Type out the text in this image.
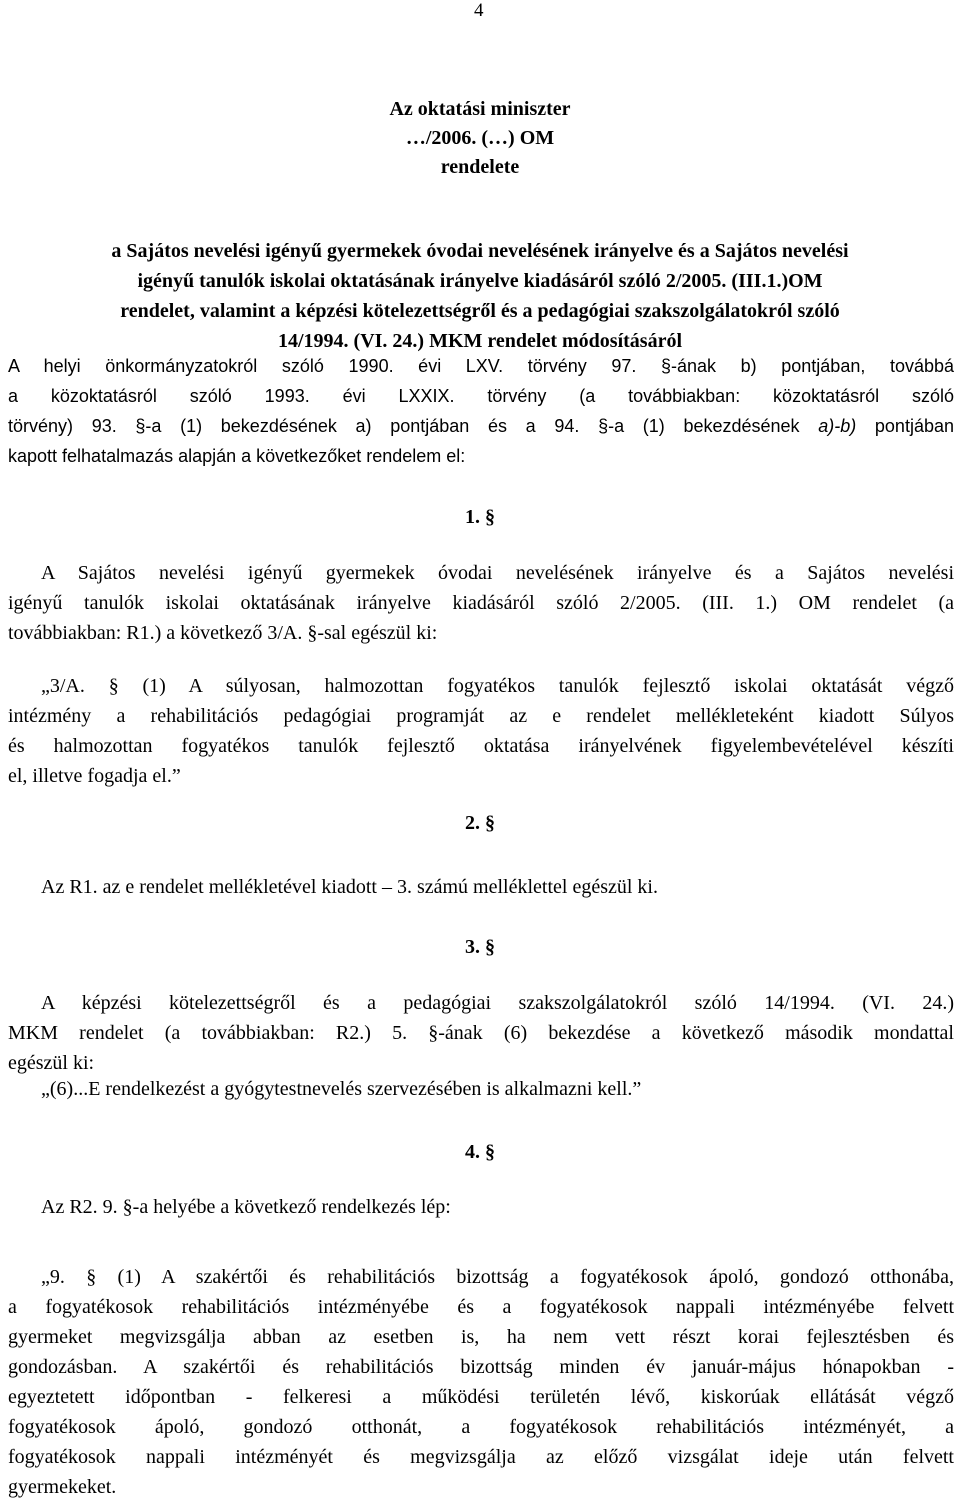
4
Az oktatási miniszter
…/2006. (…) OM
rendelete
a Sajátos nevelési igényű gyermekek óvodai nevelésének irányelve és a Sajátos nevelési
igényű tanulók iskolai oktatásának irányelve kiadásáról szóló 2/2005. (III.1.)OM
rendelet, valamint a képzési kötelezettségről és a pedagógiai szakszolgálatokról szóló
14/1994. (VI. 24.) MKM rendelet módosításáról
A helyi önkormányzatokról szóló 1990. évi LXV. törvény 97. §-ának b) pontjában, továbbá
a közoktatásról szóló 1993. évi LXXIX. törvény (a továbbiakban: közoktatásról szóló
törvény) 93. §-a (1) bekezdésének a) pontjában és a 94. §-a (1) bekezdésének a)-b) pontjában
kapott felhatalmazás alapján a következőket rendelem el:
1. §
A Sajátos nevelési igényű gyermekek óvodai nevelésének irányelve és a Sajátos nevelési
igényű tanulók iskolai oktatásának irányelve kiadásáról szóló 2/2005. (III. 1.) OM rendelet (a
továbbiakban: R1.) a következő 3/A. §-sal egészül ki:
„3/A. § (1) A súlyosan, halmozottan fogyatékos tanulók fejlesztő iskolai oktatását végző
intézmény a rehabilitációs pedagógiai programját az e rendelet mellékleteként kiadott Súlyos
és halmozottan fogyatékos tanulók fejlesztő oktatása irányelvének figyelembevételével készíti
el, illetve fogadja el.”
2. §
Az R1. az e rendelet mellékletével kiadott – 3. számú melléklettel egészül ki.
3. §
A képzési kötelezettségről és a pedagógiai szakszolgálatokról szóló 14/1994. (VI. 24.)
MKM rendelet (a továbbiakban: R2.) 5. §-ának (6) bekezdése a következő második mondattal
egészül ki:
„(6)...E rendelkezést a gyógytestnevelés szervezésében is alkalmazni kell.”
4. §
Az R2. 9. §-a helyébe a következő rendelkezés lép:
„9. § (1) A szakértői és rehabilitációs bizottság a fogyatékosok ápoló, gondozó otthonába,
a fogyatékosok rehabilitációs intézményébe és a fogyatékosok nappali intézményébe felvett
gyermeket megvizsgálja abban az esetben is, ha nem vett részt korai fejlesztésben és
gondozásban. A szakértői és rehabilitációs bizottság minden év január-május hónapokban -
egyeztetett időpontban - felkeresi a működési területén lévő, kiskorúak ellátását végző
fogyatékosok ápoló, gondozó otthonát, a fogyatékosok rehabilitációs intézményét, a
fogyatékosok nappali intézményét és megvizsgálja az előző vizsgálat ideje után felvett
gyermekeket.
